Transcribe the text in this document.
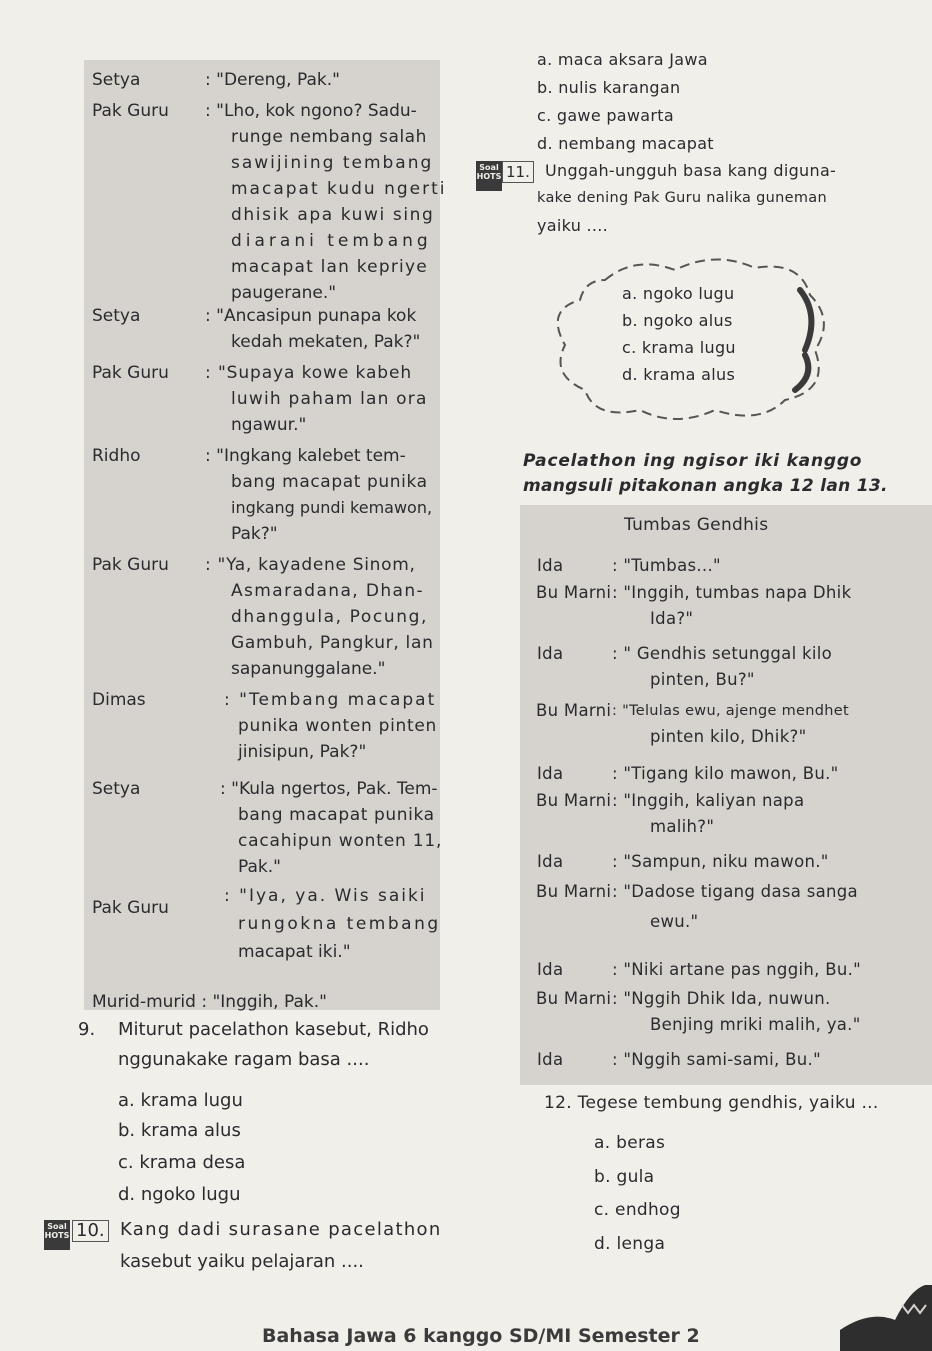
Setya	: "Dereng, Pak."
Pak Guru : "Lho, kok ngono? Sadu-
runge nembang salah
sawijining tembang
macapat kudu ngerti
dhisik apa kuwi sing
diarani tembang
macapat lan kepriye
paugerane."
Setya	: "Ancasipun punapa kok
kedah mekaten, Pak?"
Pak Guru : "Supaya kowe kabeh
luwih paham lan ora
ngawur."
Ridho	: "Ingkang kalebet tem-
bang macapat punika
ingkang pundi kemawon,
Pak?"
Pak Guru : "Ya, kayadene Sinom,
Asmaradana, Dhan-
dhanggula, Pocung,
Gambuh, Pangkur, lan
sapanunggalane."
Dimas	: "Tembang macapat
punika wonten pinten
jinisipun, Pak?"
Setya	: "Kula ngertos, Pak. Tem-
bang macapat punika
cacahipun wonten 11,
Pak."
Pak Guru
: "Iya, ya. Wis saiki
rungokna tembang
macapat iki."
Murid-murid : "Inggih, Pak."
9. Miturut pacelathon kasebut, Ridho
nggunakake ragam basa ....
a. krama lugu
b. krama alus
c. krama desa
d. ngoko lugu
Soal HOTS 10. Kang dadi surasane pacelathon
kasebut yaiku pelajaran ....
a. maca aksara Jawa
b. nulis karangan
c. gawe pawarta
d. nembang macapat
Soal HOTS 11. Unggah-ungguh basa kang diguna-
kake dening Pak Guru nalika guneman
yaiku ....
a. ngoko lugu
b. ngoko alus
c. krama lugu
d. krama alus
Pacelathon ing ngisor iki kanggo
mangsuli pitakonan angka 12 lan 13.
Tumbas Gendhis
Ida	: "Tumbas..."
Bu Marni : "Inggih, tumbas napa Dhik
Ida?"
Ida	: " Gendhis setunggal kilo
pinten, Bu?"
Bu Marni : "Telulas ewu, ajenge mendhet
pinten kilo, Dhik?"
Ida	: "Tigang kilo mawon, Bu."
Bu Marni : "Inggih, kaliyan napa
malih?"
Ida	: "Sampun, niku mawon."
Bu Marni : "Dadose tigang dasa sanga
ewu."
Ida	: "Niki artane pas nggih, Bu."
Bu Marni : "Nggih Dhik Ida, nuwun.
Benjing mriki malih, ya."
Ida	: "Nggih sami-sami, Bu."
12. Tegese tembung gendhis, yaiku ...
a. beras
b. gula
c. endhog
d. lenga
Bahasa Jawa 6 kanggo SD/MI Semester 2
